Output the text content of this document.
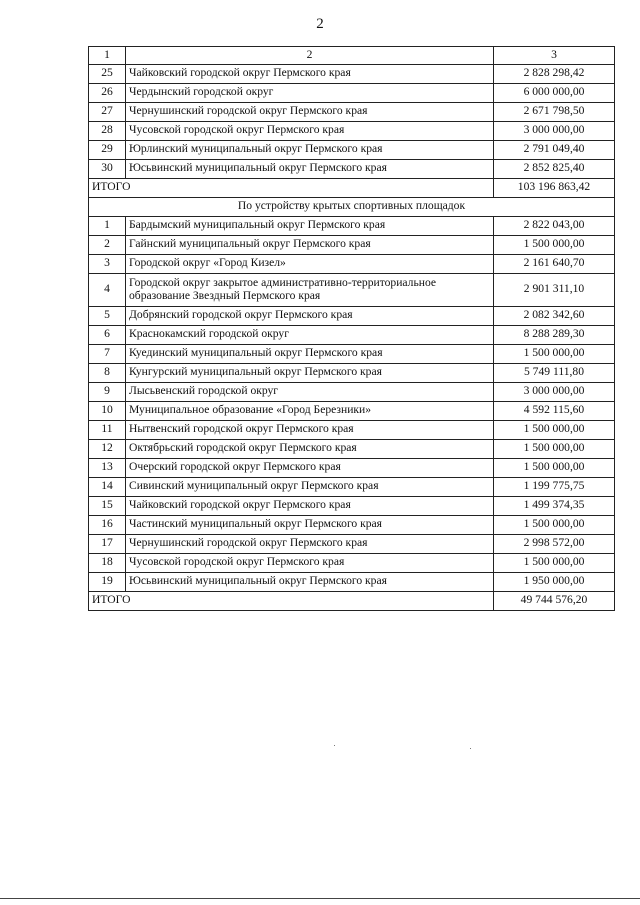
2
1	2	3
25	Чайковский городской округ Пермского края	2 828 298,42
26	Чердынский городской округ	6 000 000,00
27	Чернушинский городской округ Пермского края	2 671 798,50
28	Чусовской городской округ Пермского края	3 000 000,00
29	Юрлинский муниципальный округ Пермского края	2 791 049,40
30	Юсьвинский муниципальный округ Пермского края	2 852 825,40
ИТОГО		103 196 863,42
По устройству крытых спортивных площадок		
1	Бардымский муниципальный округ Пермского края	2 822 043,00
2	Гайнский муниципальный округ Пермского края	1 500 000,00
3	Городской округ «Город Кизел»	2 161 640,70
4	Городской округ закрытое административно-территориальное образование Звездный Пермского края	2 901 311,10
5	Добрянский городской округ Пермского края	2 082 342,60
6	Краснокамский городской округ	8 288 289,30
7	Куединский муниципальный округ Пермского края	1 500 000,00
8	Кунгурский муниципальный округ Пермского края	5 749 111,80
9	Лысьвенский городской округ	3 000 000,00
10	Муниципальное образование «Город Березники»	4 592 115,60
11	Нытвенский городской округ Пермского края	1 500 000,00
12	Октябрьский городской округ Пермского края	1 500 000,00
13	Очерский городской округ Пермского края	1 500 000,00
14	Сивинский муниципальный округ Пермского края	1 199 775,75
15	Чайковский городской округ Пермского края	1 499 374,35
16	Частинский муниципальный округ Пермского края	1 500 000,00
17	Чернушинский городской округ Пермского края	2 998 572,00
18	Чусовской городской округ Пермского края	1 500 000,00
19	Юсьвинский муниципальный округ Пермского края	1 950 000,00
ИТОГО		49 744 576,20
